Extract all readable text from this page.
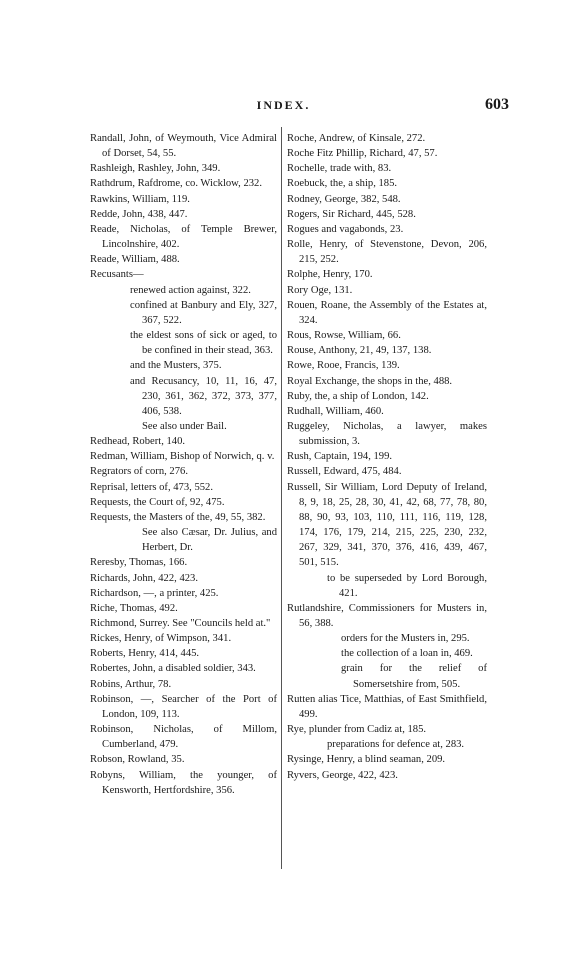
INDEX.	603
Randall, John, of Weymouth, Vice Admiral of Dorset, 54, 55.
Rashleigh, Rashley, John, 349.
Rathdrum, Rafdrome, co. Wicklow, 232.
Rawkins, William, 119.
Redde, John, 438, 447.
Reade, Nicholas, of Temple Brewer, Lincolnshire, 402.
Reade, William, 488.
Recusants—
renewed action against, 322.
confined at Banbury and Ely, 327, 367, 522.
the eldest sons of sick or aged, to be confined in their stead, 363.
and the Musters, 375.
and Recusancy, 10, 11, 16, 47, 230, 361, 362, 372, 373, 377, 406, 538.
See also under Bail.
Redhead, Robert, 140.
Redman, William, Bishop of Norwich, q. v.
Regrators of corn, 276.
Reprisal, letters of, 473, 552.
Requests, the Court of, 92, 475.
Requests, the Masters of the, 49, 55, 382.
See also Cæsar, Dr. Julius, and Herbert, Dr.
Reresby, Thomas, 166.
Richards, John, 422, 423.
Richardson, —, a printer, 425.
Riche, Thomas, 492.
Richmond, Surrey. See "Councils held at."
Rickes, Henry, of Wimpson, 341.
Roberts, Henry, 414, 445.
Robertes, John, a disabled soldier, 343.
Robins, Arthur, 78.
Robinson, —, Searcher of the Port of London, 109, 113.
Robinson, Nicholas, of Millom, Cumberland, 479.
Robson, Rowland, 35.
Robyns, William, the younger, of Kensworth, Hertfordshire, 356.
Roche, Andrew, of Kinsale, 272.
Roche Fitz Phillip, Richard, 47, 57.
Rochelle, trade with, 83.
Roebuck, the, a ship, 185.
Rodney, George, 382, 548.
Rogers, Sir Richard, 445, 528.
Rogues and vagabonds, 23.
Rolle, Henry, of Stevenstone, Devon, 206, 215, 252.
Rolphe, Henry, 170.
Rory Oge, 131.
Rouen, Roane, the Assembly of the Estates at, 324.
Rous, Rowse, William, 66.
Rouse, Anthony, 21, 49, 137, 138.
Rowe, Rooe, Francis, 139.
Royal Exchange, the shops in the, 488.
Ruby, the, a ship of London, 142.
Rudhall, William, 460.
Ruggeley, Nicholas, a lawyer, makes submission, 3.
Rush, Captain, 194, 199.
Russell, Edward, 475, 484.
Russell, Sir William, Lord Deputy of Ireland, 8, 9, 18, 25, 28, 30, 41, 42, 68, 77, 78, 80, 88, 90, 93, 103, 110, 111, 116, 119, 128, 174, 176, 179, 214, 215, 225, 230, 232, 267, 329, 341, 370, 376, 416, 439, 467, 501, 515.
to be superseded by Lord Borough, 421.
Rutlandshire, Commissioners for Musters in, 56, 388.
orders for the Musters in, 295.
the collection of a loan in, 469.
grain for the relief of Somersetshire from, 505.
Rutten alias Tice, Matthias, of East Smithfield, 499.
Rye, plunder from Cadiz at, 185.
preparations for defence at, 283.
Rysinge, Henry, a blind seaman, 209.
Ryvers, George, 422, 423.
